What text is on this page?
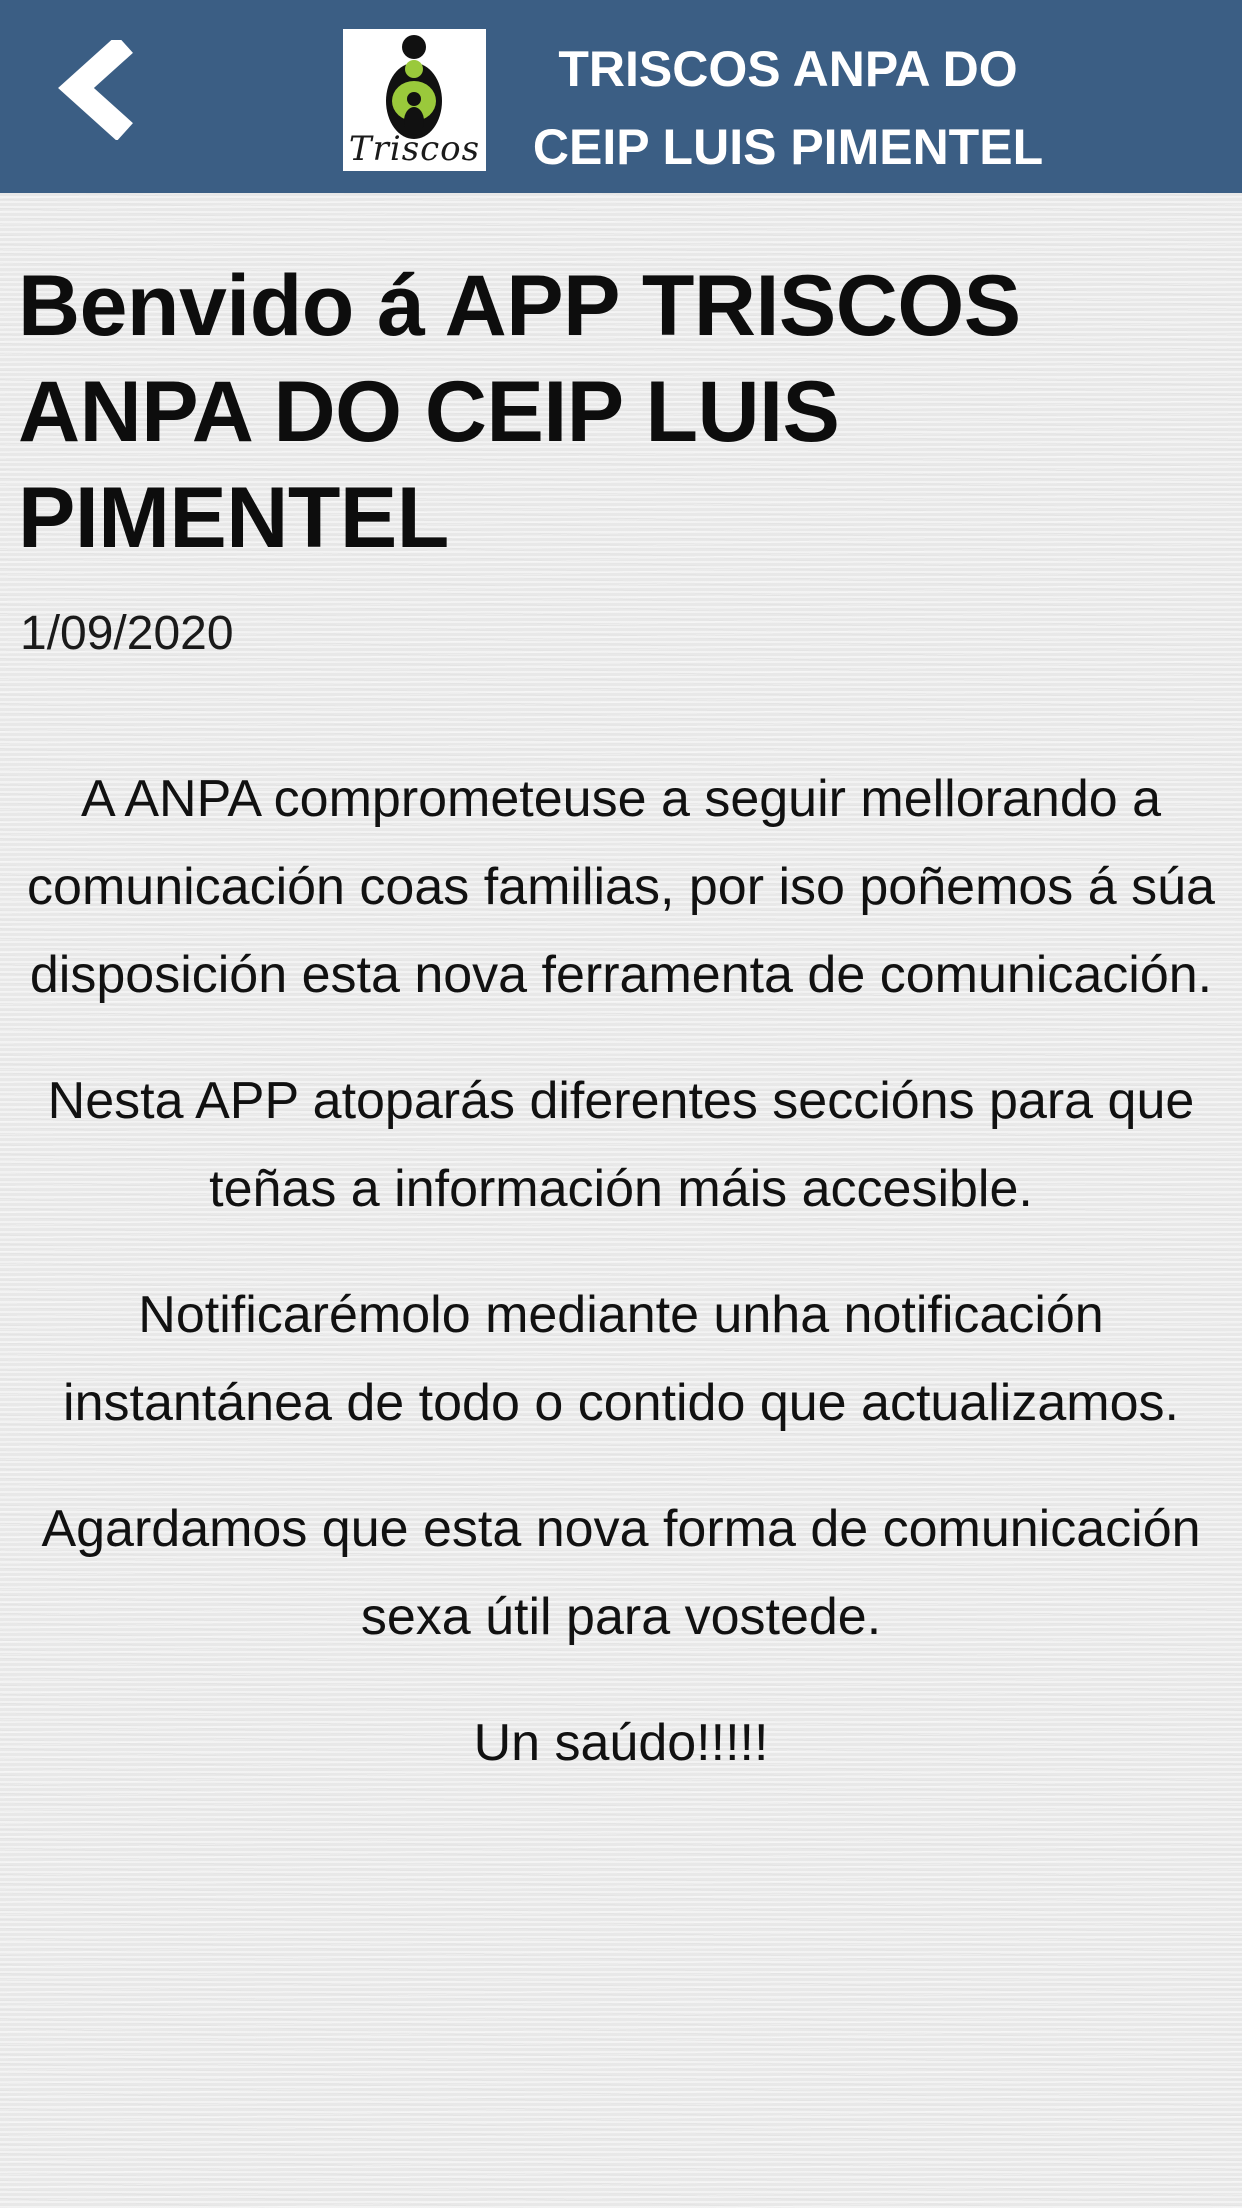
Triscos
TRISCOS ANPA DO
CEIP LUIS PIMENTEL
Benvido á APP TRISCOS ANPA DO CEIP LUIS PIMENTEL
1/09/2020

A ANPA comprometeuse a seguir mellorando a comunicación coas familias, por iso poñemos á súa disposición esta nova ferramenta de comunicación.

Nesta APP atoparás diferentes seccións para que teñas a información máis accesible.

Notificarémolo mediante unha notificación instantánea de todo o contido que actualizamos.

Agardamos que esta nova forma de comunicación sexa útil para vostede.

Un saúdo!!!!!
